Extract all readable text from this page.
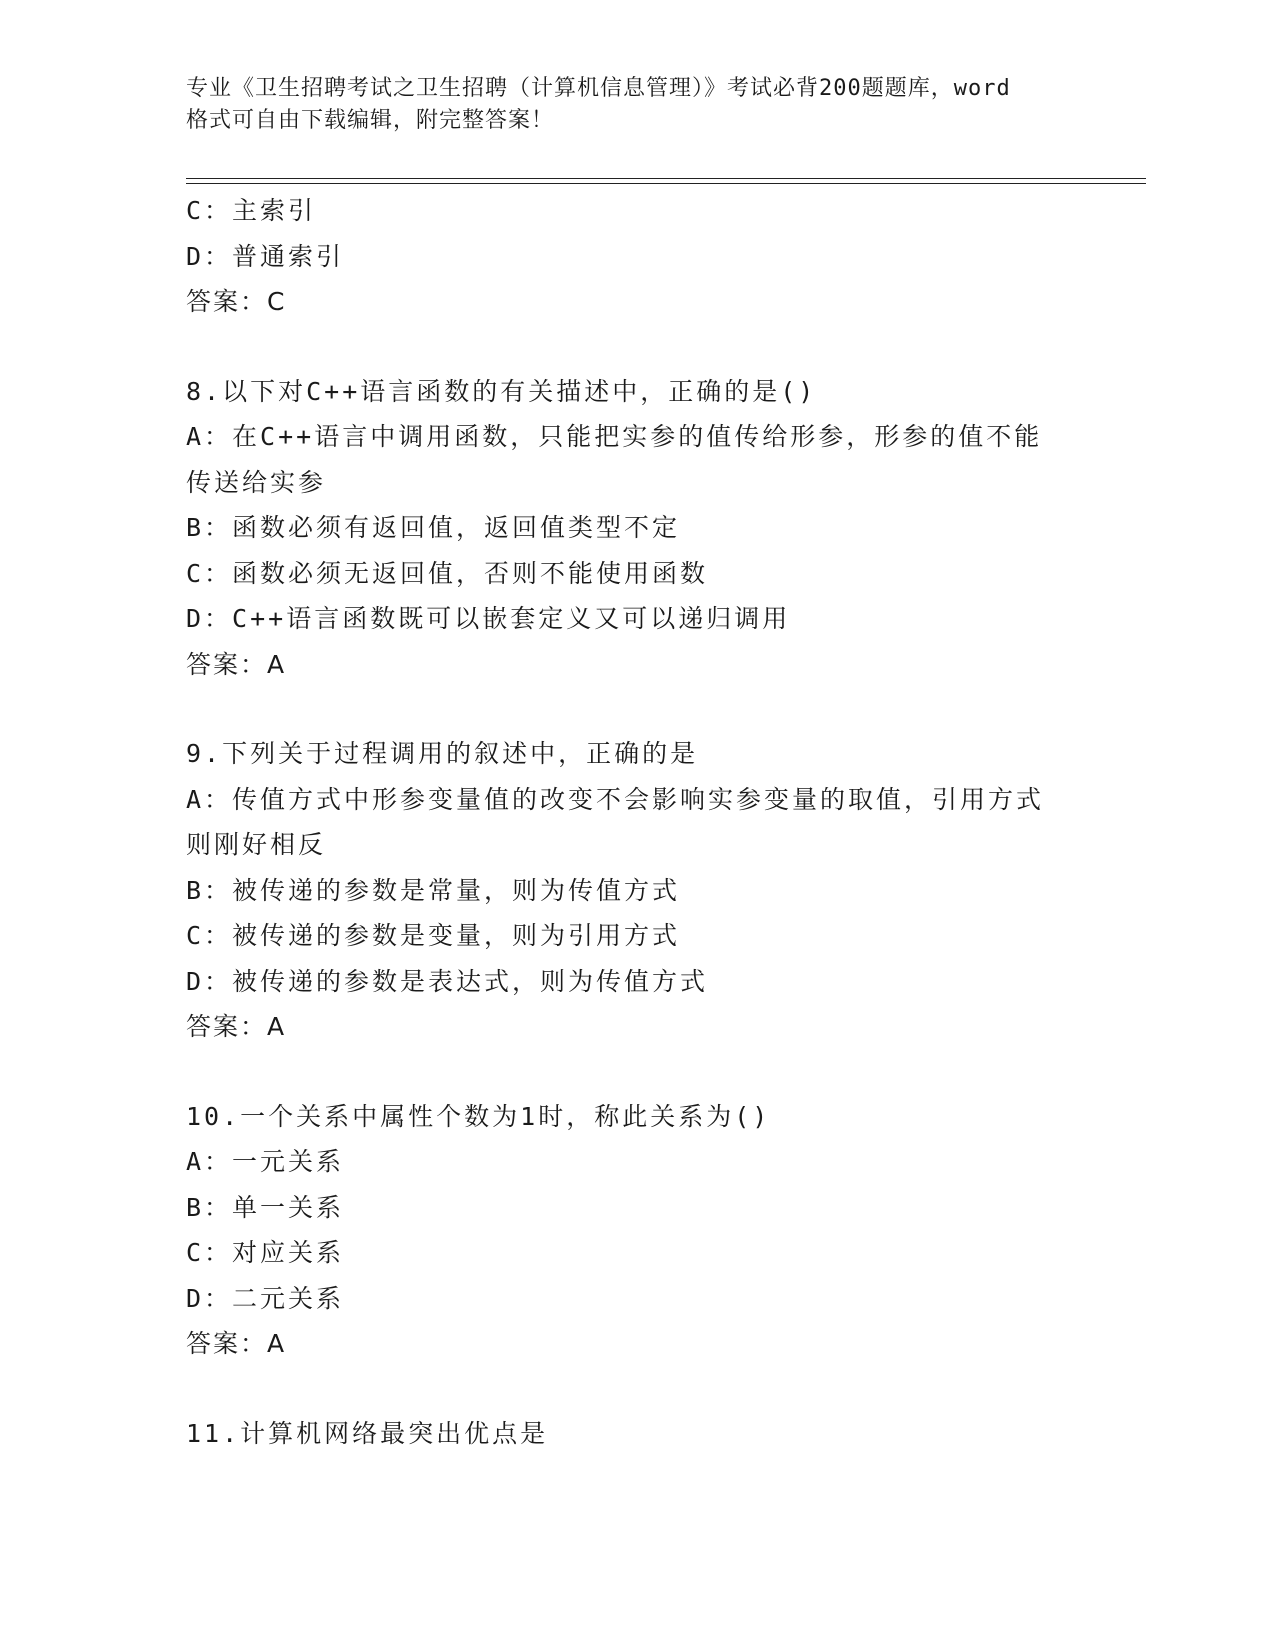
专业《卫生招聘考试之卫生招聘（计算机信息管理）》考试必背200题题库，word
格式可自由下载编辑，附完整答案！
C：主索引
D：普通索引
答案：C
8.以下对C++语言函数的有关描述中，正确的是()
A：在C++语言中调用函数，只能把实参的值传给形参，形参的值不能
传送给实参
B：函数必须有返回值，返回值类型不定
C：函数必须无返回值，否则不能使用函数
D：C++语言函数既可以嵌套定义又可以递归调用
答案：A
9.下列关于过程调用的叙述中，正确的是
A：传值方式中形参变量值的改变不会影响实参变量的取值，引用方式
则刚好相反
B：被传递的参数是常量，则为传值方式
C：被传递的参数是变量，则为引用方式
D：被传递的参数是表达式，则为传值方式
答案：A
10.一个关系中属性个数为1时，称此关系为()
A：一元关系
B：单一关系
C：对应关系
D：二元关系
答案：A
11.计算机网络最突出优点是
